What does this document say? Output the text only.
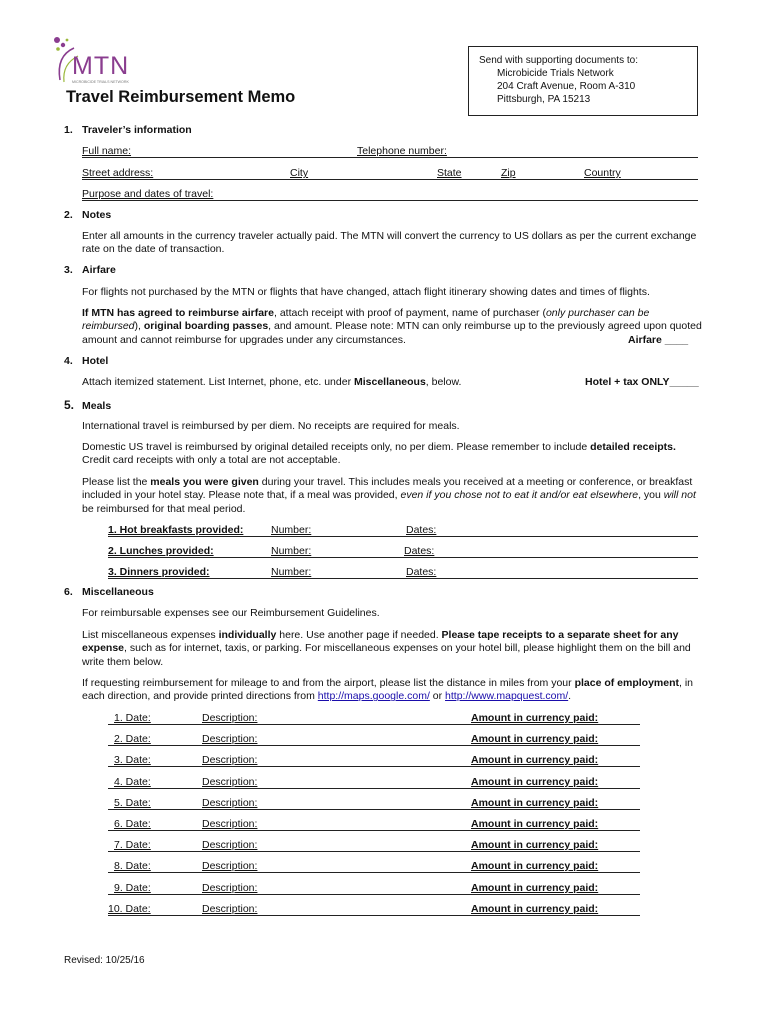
MTN
MICROBICIDE TRIALS NETWORK
Send with supporting documents to:
Microbicide Trials Network
204 Craft Avenue, Room A-310
Pittsburgh, PA 15213
Travel Reimbursement Memo
1. Traveler’s information
Full name:	Telephone number:
Street address:	City	State	Zip	Country
Purpose and dates of travel:
2. Notes
Enter all amounts in the currency traveler actually paid. The MTN will convert the currency to US dollars as per the current exchange rate on the date of transaction.
3. Airfare
For flights not purchased by the MTN or flights that have changed, attach flight itinerary showing dates and times of flights.
If MTN has agreed to reimburse airfare, attach receipt with proof of payment, name of purchaser (only purchaser can be reimbursed), original boarding passes, and amount. Please note: MTN can only reimburse up to the previously agreed upon quoted amount and cannot reimburse for upgrades under any circumstances.	Airfare ____
4. Hotel
Attach itemized statement. List Internet, phone, etc. under Miscellaneous, below.	Hotel + tax ONLY_____
5. Meals
International travel is reimbursed by per diem. No receipts are required for meals.
Domestic US travel is reimbursed by original detailed receipts only, no per diem. Please remember to include detailed receipts. Credit card receipts with only a total are not acceptable.
Please list the meals you were given during your travel. This includes meals you received at a meeting or conference, or breakfast included in your hotel stay. Please note that, if a meal was provided, even if you chose not to eat it and/or eat elsewhere, you will not be reimbursed for that meal period.
1. Hot breakfasts provided:	Number:	Dates:
2. Lunches provided:	Number:	Dates:
3. Dinners provided:	Number:	Dates:
6. Miscellaneous
For reimbursable expenses see our Reimbursement Guidelines.
List miscellaneous expenses individually here. Use another page if needed. Please tape receipts to a separate sheet for any expense, such as for internet, taxis, or parking. For miscellaneous expenses on your hotel bill, please highlight them on the bill and write them below.
If requesting reimbursement for mileage to and from the airport, please list the distance in miles from your place of employment, in each direction, and provide printed directions from http://maps.google.com/ or http://www.mapquest.com/.
1. Date:	Description:	Amount in currency paid:
2. Date:	Description:	Amount in currency paid:
3. Date:	Description:	Amount in currency paid:
4. Date:	Description:	Amount in currency paid:
5. Date:	Description:	Amount in currency paid:
6. Date:	Description:	Amount in currency paid:
7. Date:	Description:	Amount in currency paid:
8. Date:	Description:	Amount in currency paid:
9. Date:	Description:	Amount in currency paid:
10. Date:	Description:	Amount in currency paid:
Revised: 10/25/16
